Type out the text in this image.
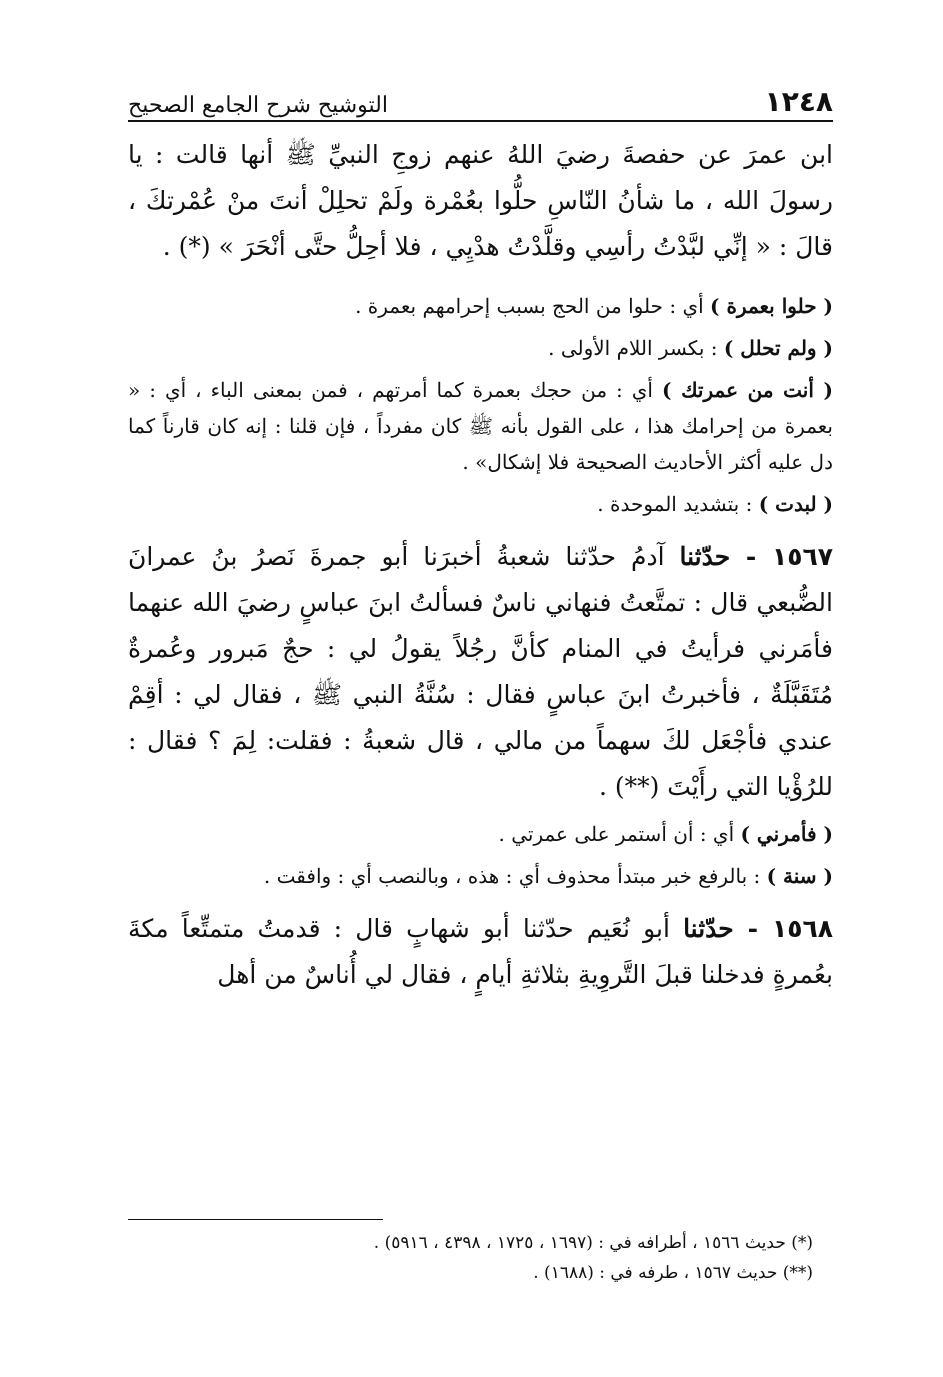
١٢٤٨
التوشيح شرح الجامع الصحيح

ابن عمرَ عن حفصةَ رضيَ اللهُ عنهم زوجِ النبيِّ ﷺ أنها قالت : يا رسولَ الله ، ما شأنُ النّاسِ حلُّوا بعُمْرة ولَمْ تحلِلْ أنتَ منْ عُمْرتكَ ، قالَ : « إنِّي لبَّدْتُ رأسِي وقلَّدْتُ هدْيِي ، فلا أحِلُّ حتَّى أنْحَرَ » (*) .

( حلوا بعمرة ) أي : حلوا من الحج بسبب إحرامهم بعمرة .

( ولم تحلل ) : بكسر اللام الأولى .

( أنت من عمرتك ) أي : من حجك بعمرة كما أمرتهم ، فمن بمعنى الباء ، أي : « بعمرة من إحرامك هذا ، على القول بأنه ﷺ كان مفرداً ، فإن قلنا : إنه كان قارناً كما دل عليه أكثر الأحاديث الصحيحة فلا إشكال» .

( لبدت ) : بتشديد الموحدة .

١٥٦٧ - حدّثنا آدمُ حدّثنا شعبةُ أخبرَنا أبو جمرةَ نَصرُ بنُ عمرانَ الضُّبعي قال : تمتَّعتُ فنهاني ناسٌ فسألتُ ابنَ عباسٍ رضيَ الله عنهما فأمَرني فرأيتُ في المنام كأنَّ رجُلاً يقولُ لي : حجٌ مَبرور وعُمرةٌ مُتَقَبَّلَةٌ ، فأخبرتُ ابنَ عباسٍ فقال : سُنَّةُ النبي ﷺ ، فقال لي : أقِمْ عندي فأجْعَل لكَ سهماً من مالي ، قال شعبةُ : فقلت: لِمَ ؟ فقال : للرُؤْيا التي رأَيْتَ (**) .

( فأمرني ) أي : أن أستمر على عمرتي .

( سنة ) : بالرفع خبر مبتدأ محذوف أي : هذه ، وبالنصب أي : وافقت .

١٥٦٨ - حدّثنا أبو نُعَيم حدّثنا أبو شهابٍ قال : قدمتُ متمتِّعاً مكةَ بعُمرةٍ فدخلنا قبلَ التَّروِيةِ بثلاثةِ أيامٍ ، فقال لي أُناسٌ من أهل

(*) حديث ١٥٦٦ ، أطرافه في : (١٦٩٧ ، ١٧٢٥ ، ٤٣٩٨ ، ٥٩١٦) .
(**) حديث ١٥٦٧ ، طرفه في : (١٦٨٨) .
